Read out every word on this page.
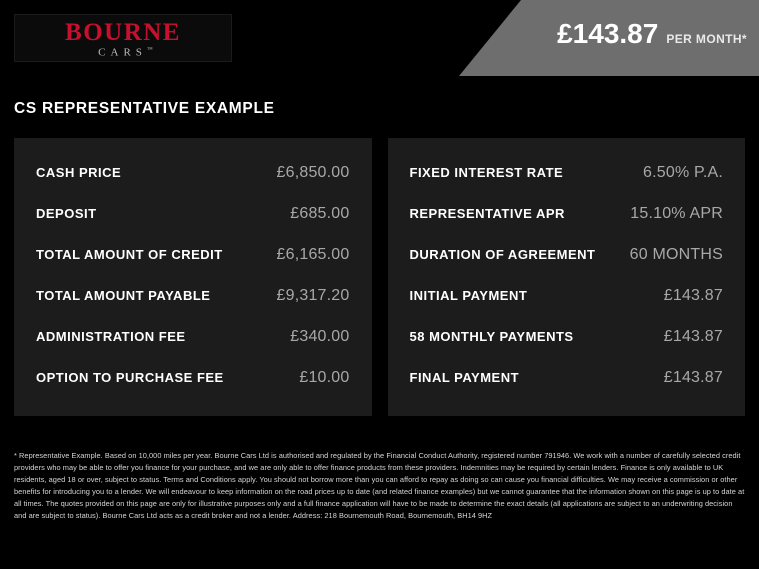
BOURNE
CARS™
£143.87 PER MONTH*
CS REPRESENTATIVE EXAMPLE
CASH PRICE	£6,850.00
DEPOSIT	£685.00
TOTAL AMOUNT OF CREDIT	£6,165.00
TOTAL AMOUNT PAYABLE	£9,317.20
ADMINISTRATION FEE	£340.00
OPTION TO PURCHASE FEE	£10.00
FIXED INTEREST RATE	6.50% P.A.
REPRESENTATIVE APR	15.10% APR
DURATION OF AGREEMENT 60 MONTHS
INITIAL PAYMENT	£143.87
58 MONTHLY PAYMENTS	£143.87
FINAL PAYMENT	£143.87
* Representative Example. Based on 10,000 miles per year. Bourne Cars Ltd is authorised and regulated by the Financial Conduct Authority, registered number 791946. We work with a number of carefully selected credit providers who may be able to offer you finance for your purchase, and we are only able to offer finance products from these providers. Indemnities may be required by certain lenders. Finance is only available to UK residents, aged 18 or over, subject to status. Terms and Conditions apply. You should not borrow more than you can afford to repay as doing so can cause you financial difficulties. We may receive a commission or other benefits for introducing you to a lender. We will endeavour to keep information on the road prices up to date (and related finance examples) but we cannot guarantee that the information shown on this page is up to date at all times. The quotes provided on this page are only for illustrative purposes only and a full finance application will have to be made to determine the exact details (all applications are subject to an underwriting decision and are subject to status). Bourne Cars Ltd acts as a credit broker and not a lender. Address: 218 Bournemouth Road, Bournemouth, BH14 9HZ
